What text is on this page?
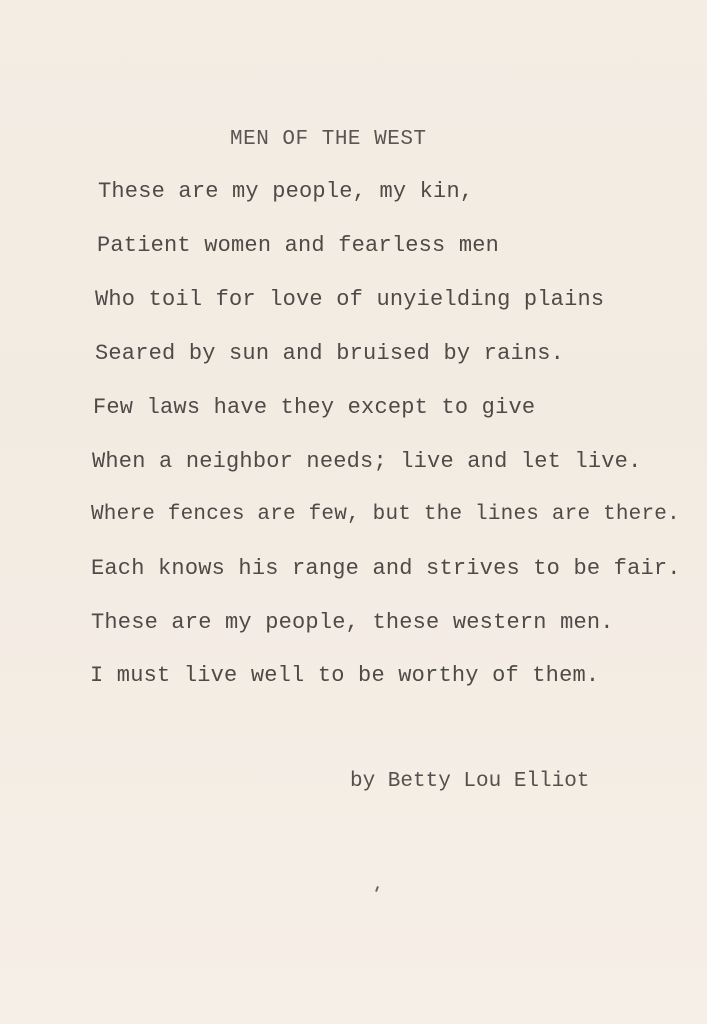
MEN OF THE WEST
These are my people, my kin,
Patient women and fearless men
Who toil for love of unyielding plains
Seared by sun and bruised by rains.
Few laws have they except to give
When a neighbor needs; live and let live.
Where fences are few, but the lines are there.
Each knows his range and strives to be fair.
These are my people, these western men.
I must live well to be worthy of them.
by Betty Lou Elliot
